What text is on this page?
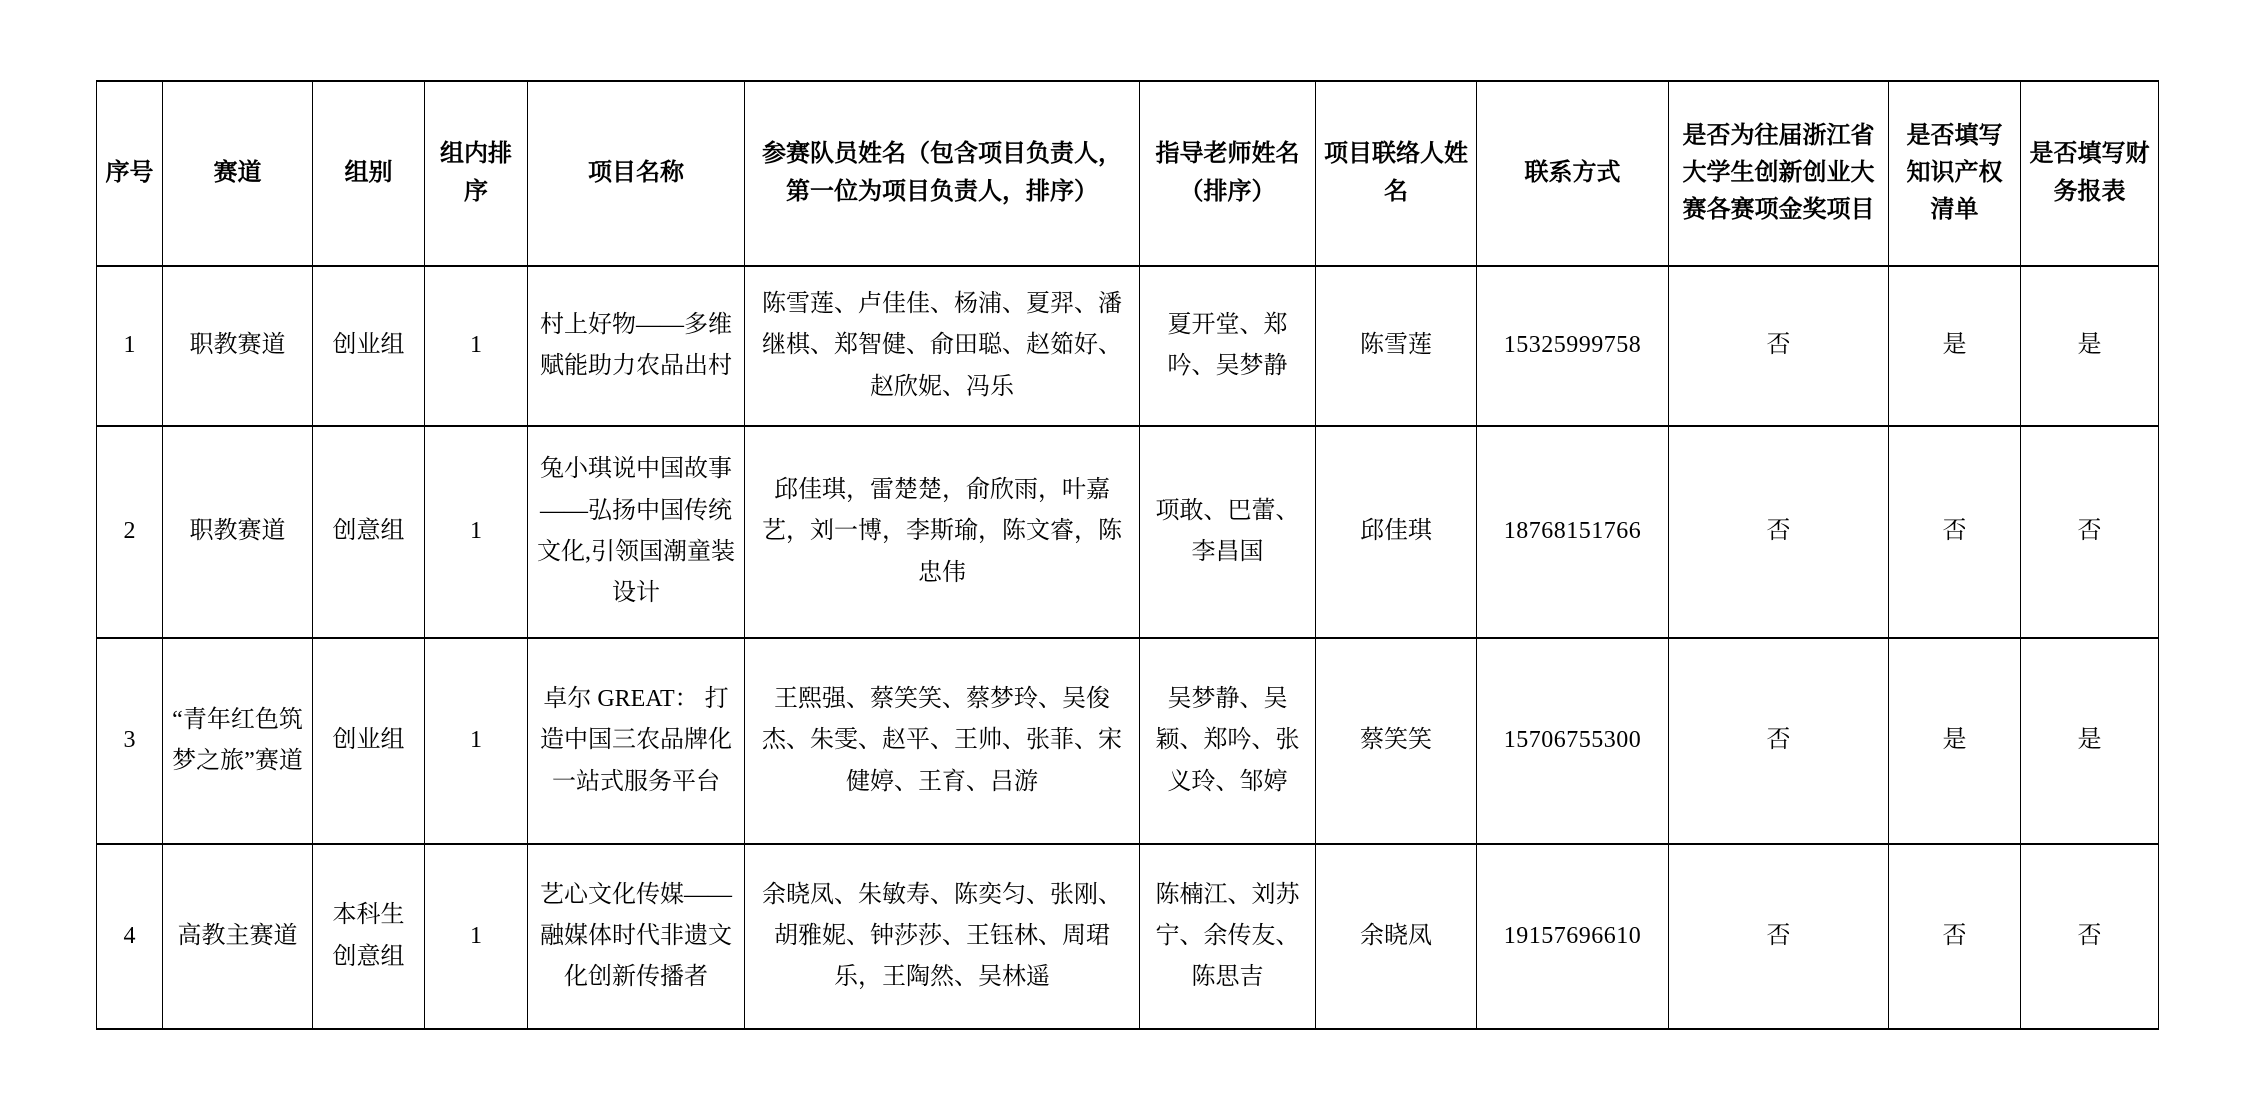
序号	赛道	组别	组内排序	项目名称	参赛队员姓名（包含项目负责人，第一位为项目负责人，排序）	指导老师姓名（排序）	项目联络人姓名	联系方式	是否为往届浙江省大学生创新创业大赛各赛项金奖项目	是否填写知识产权清单	是否填写财务报表
1	职教赛道	创业组	1	村上好物——多维赋能助力农品出村	陈雪莲、卢佳佳、杨浦、夏羿、潘继棋、郑智健、俞田聪、赵筎好、赵欣妮、冯乐	夏开堂、郑吟、吴梦静	陈雪莲	15325999758	否	是	是
2	职教赛道	创意组	1	兔小琪说中国故事——弘扬中国传统文化,引领国潮童装设计	邱佳琪，雷楚楚，俞欣雨，叶嘉艺，刘一博，李斯瑜，陈文睿，陈忠伟	项敢、巴蕾、李昌国	邱佳琪	18768151766	否	否	否
3	“青年红色筑梦之旅”赛道	创业组	1	卓尔 GREAT： 打造中国三农品牌化一站式服务平台	王熙强、蔡笑笑、蔡梦玲、吴俊杰、朱雯、赵平、王帅、张菲、宋健婷、王育、吕游	吴梦静、吴颖、郑吟、张义玲、邹婷	蔡笑笑	15706755300	否	是	是
4	高教主赛道	本科生创意组	1	艺心文化传媒——融媒体时代非遗文化创新传播者	余晓凤、朱敏寿、陈奕匀、张刚、胡雅妮、钟莎莎、王钰林、周珺乐，王陶然、吴林遥	陈楠江、刘苏宁、余传友、陈思吉	余晓凤	19157696610	否	否	否
